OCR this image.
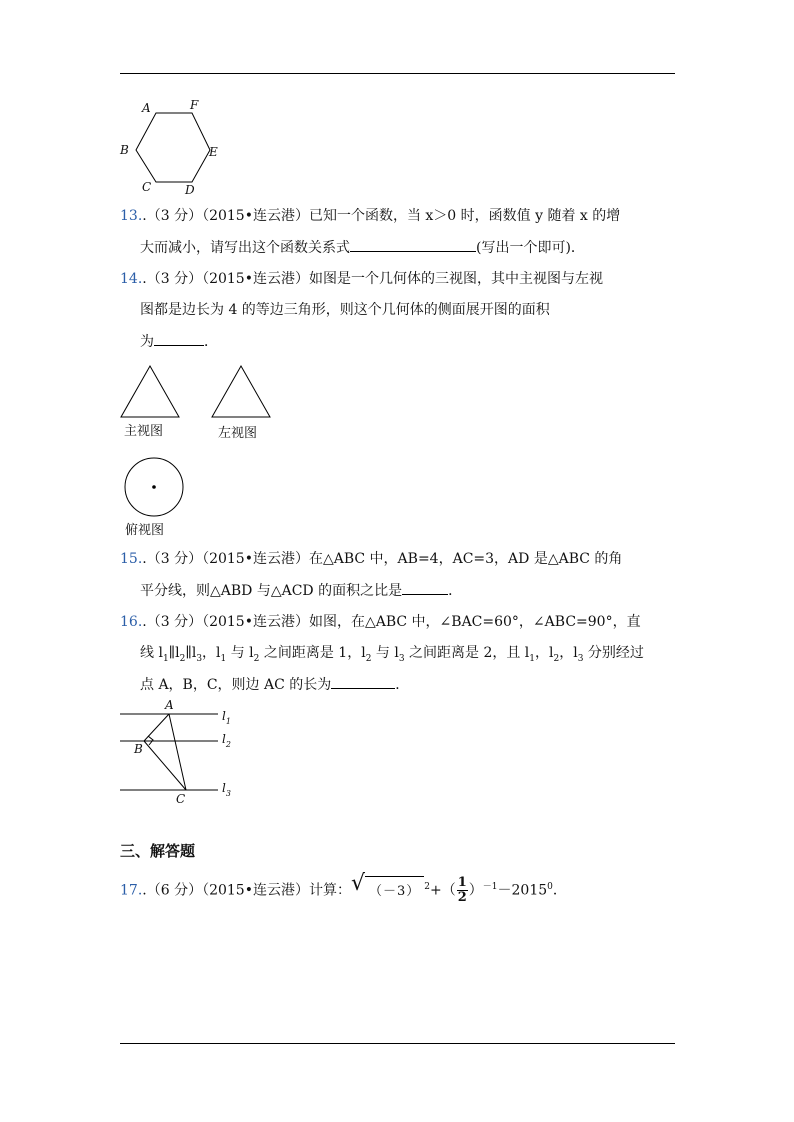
A	F
E
D
C
B
13..（3 分）（2015•连云港）已知一个函数，当 x＞0 时，函数值 y 随着 x 的增
大而减小，请写出这个函数关系式	(写出一个即可)．
14..（3 分）（2015•连云港）如图是一个几何体的三视图，其中主视图与左视
图都是边长为 4 的等边三角形，则这个几何体的侧面展开图的面积
为	．
主视图	左视图
俯视图
15..（3 分）（2015•连云港）在△ABC 中，AB=4，AC=3，AD 是△ABC 的角
平分线，则△ABD 与△ACD 的面积之比是	．
16..（3 分）（2015•连云港）如图，在△ABC 中，∠BAC=60°，∠ABC=90°，直
线 $l_1\parallel l_2\parallel l_3$，$l_1$ 与 $l_2$ 之间距离是 1，$l_2$ 与 $l_3$ 之间距离是 2，且 $l_1$，$l_2$，$l_3$ 分别经过
点 A，B，C，则边 AC 的长为	．
A
B
C
$l_1$
$l_2$
$l_3$
三、解答题
17..（6 分）（2015•连云港）计算： √ （－3） $^2+( \frac{1}{2} )^{-1}-2015^0$．
